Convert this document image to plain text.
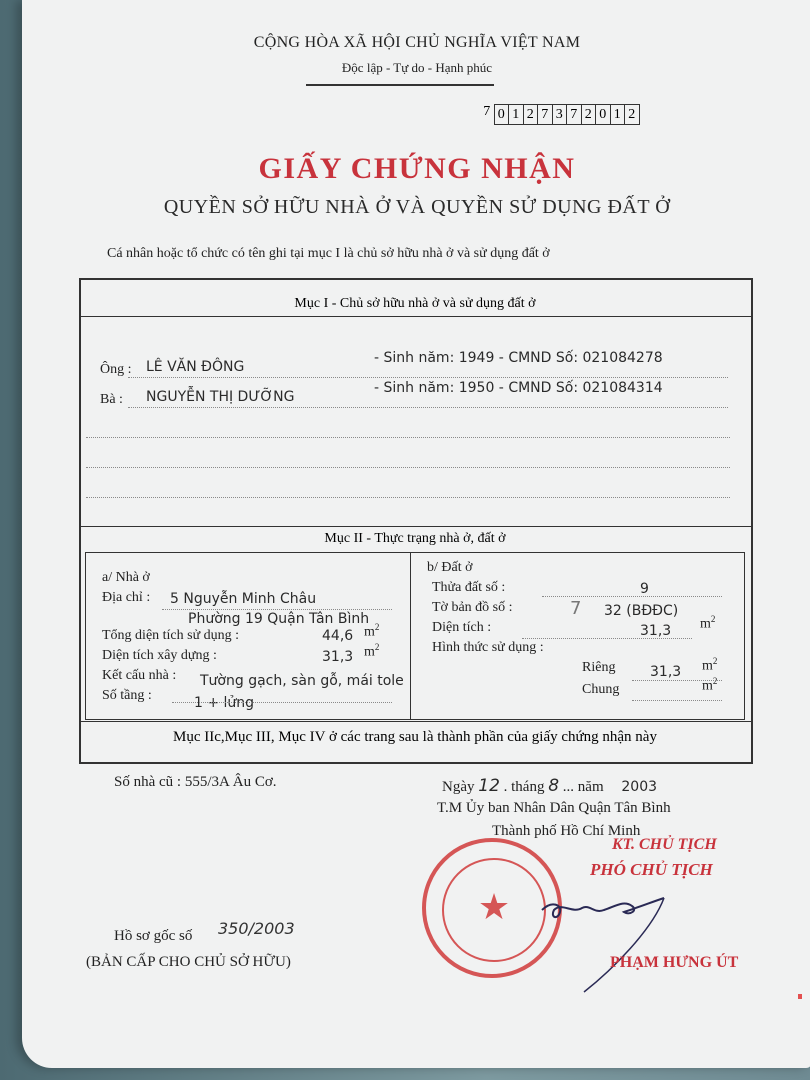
CỘNG HÒA XÃ HỘI CHỦ NGHĨA VIỆT NAM
Độc lập - Tự do - Hạnh phúc
7 0 1 2 7 3 7 2 0 1 2
GIẤY CHỨNG NHẬN
QUYỀN SỞ HỮU NHÀ Ở VÀ QUYỀN SỬ DỤNG ĐẤT Ở
Cá nhân hoặc tổ chức có tên ghi tại mục I là chủ sở hữu nhà ở và sử dụng đất ở
Mục I - Chủ sở hữu nhà ở và sử dụng đất ở
Ông : LÊ VĂN ĐÔNG
- Sinh năm: 1949 - CMND Số: 021084278
Bà : NGUYỄN THỊ DƯỠNG
- Sinh năm: 1950 - CMND Số: 021084314
Mục II - Thực trạng nhà ở, đất ở
a/ Nhà ở
Địa chỉ : 5 Nguyễn Minh Châu
Phường 19 Quận Tân Bình
Tổng diện tích sử dụng :	44,6 $m^2$
Diện tích xây dựng :	31,3 $m^2$
Kết cấu nhà : Tường gạch, sàn gỗ, mái tole
Số tầng :	1 + lửng
b/ Đất ở
Thửa đất số :	9
Tờ bản đồ số :	7 32 (BĐĐC)
Diện tích :	31,3 $m^2$
Hình thức sử dụng :
Riêng 31,3 $m^2$
Chung	$m^2$
Mục IIc,Mục III, Mục IV ở các trang sau là thành phần của giấy chứng nhận này
Số nhà cũ : 555/3A Âu Cơ.	Ngày 12 . tháng 8 ... năm 2003
T.M Ủy ban Nhân Dân Quận Tân Bình
Thành phố Hồ Chí Minh
KT. CHỦ TỊCH
PHÓ CHỦ TỊCH
★
PHẠM HƯNG ÚT
Hồ sơ gốc số 350/2003
(BẢN CẤP CHO CHỦ SỞ HỮU)
